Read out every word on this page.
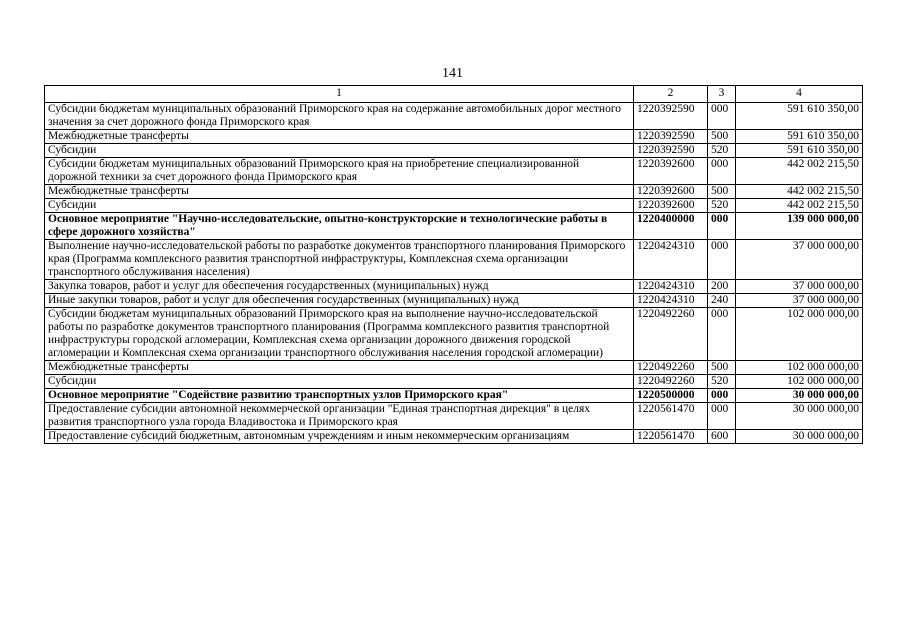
141
1	2	3	4
Субсидии бюджетам муниципальных образований Приморского края на содержание автомобильных дорог местного значения за счет дорожного фонда Приморского края	1220392590	000	591 610 350,00
Межбюджетные трансферты	1220392590	500	591 610 350,00
Субсидии	1220392590	520	591 610 350,00
Субсидии бюджетам муниципальных образований Приморского края на приобретение специализированной дорожной техники за счет дорожного фонда Приморского края	1220392600	000	442 002 215,50
Межбюджетные трансферты	1220392600	500	442 002 215,50
Субсидии	1220392600	520	442 002 215,50
Основное мероприятие "Научно-исследовательские, опытно-конструкторские и технологические работы в сфере дорожного хозяйства"	1220400000	000	139 000 000,00
Выполнение научно-исследовательской работы по разработке документов транспортного планирования Приморского края (Программа комплексного развития транспортной инфраструктуры, Комплексная схема организации транспортного обслуживания населения)	1220424310	000	37 000 000,00
Закупка товаров, работ и услуг для обеспечения государственных (муниципальных) нужд	1220424310	200	37 000 000,00
Иные закупки товаров, работ и услуг для обеспечения государственных (муниципальных) нужд	1220424310	240	37 000 000,00
Субсидии бюджетам муниципальных образований Приморского края на выполнение научно-исследовательской работы по разработке документов транспортного планирования (Программа комплексного развития транспортной инфраструктуры городской агломерации, Комплексная схема организации дорожного движения городской агломерации и Комплексная схема организации транспортного обслуживания населения городской агломерации)	1220492260	000	102 000 000,00
Межбюджетные трансферты	1220492260	500	102 000 000,00
Субсидии	1220492260	520	102 000 000,00
Основное мероприятие "Содействие развитию транспортных узлов Приморского края"	1220500000	000	30 000 000,00
Предоставление субсидии автономной некоммерческой организации "Единая транспортная дирекция" в целях развития транспортного узла города Владивостока и Приморского края	1220561470	000	30 000 000,00
Предоставление субсидий бюджетным, автономным учреждениям и иным некоммерческим организациям	1220561470	600	30 000 000,00
